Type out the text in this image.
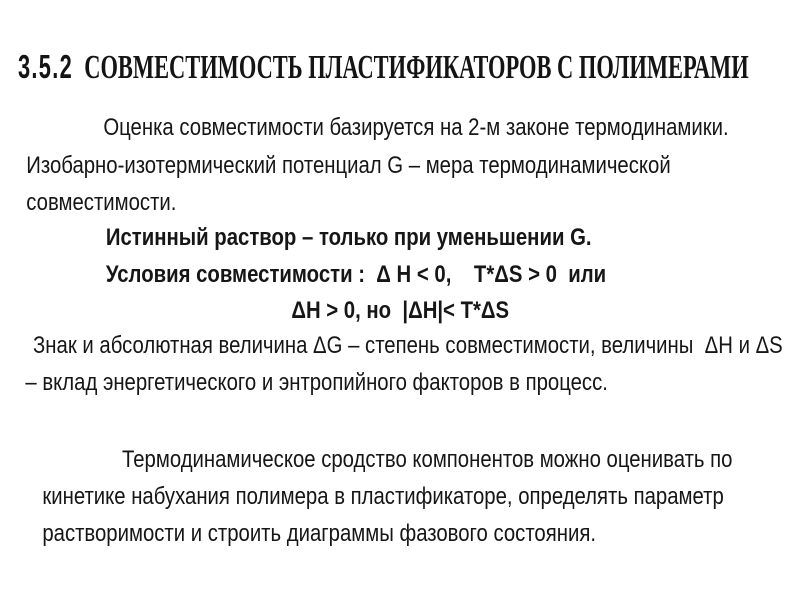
3.5.2 СОВМЕСТИМОСТЬ ПЛАСТИФИКАТОРОВ С ПОЛИМЕРАМИ
Оценка совместимости базируется на 2-м законе термодинамики.
Изобарно-изотермический потенциал G – мера термодинамической
совместимости.
Истинный раствор – только при уменьшении G.
Условия совместимости :  Δ Н < 0,    T*ΔS > 0  или
ΔН > 0, но  |ΔН|< T*ΔS
Знак и абсолютная величина ΔG – степень совместимости, величины  ΔН и ΔS
– вклад энергетического и энтропийного факторов в процесс.
Термодинамическое сродство компонентов можно оценивать по
кинетике набухания полимера в пластификаторе, определять параметр
растворимости и строить диаграммы фазового состояния.
